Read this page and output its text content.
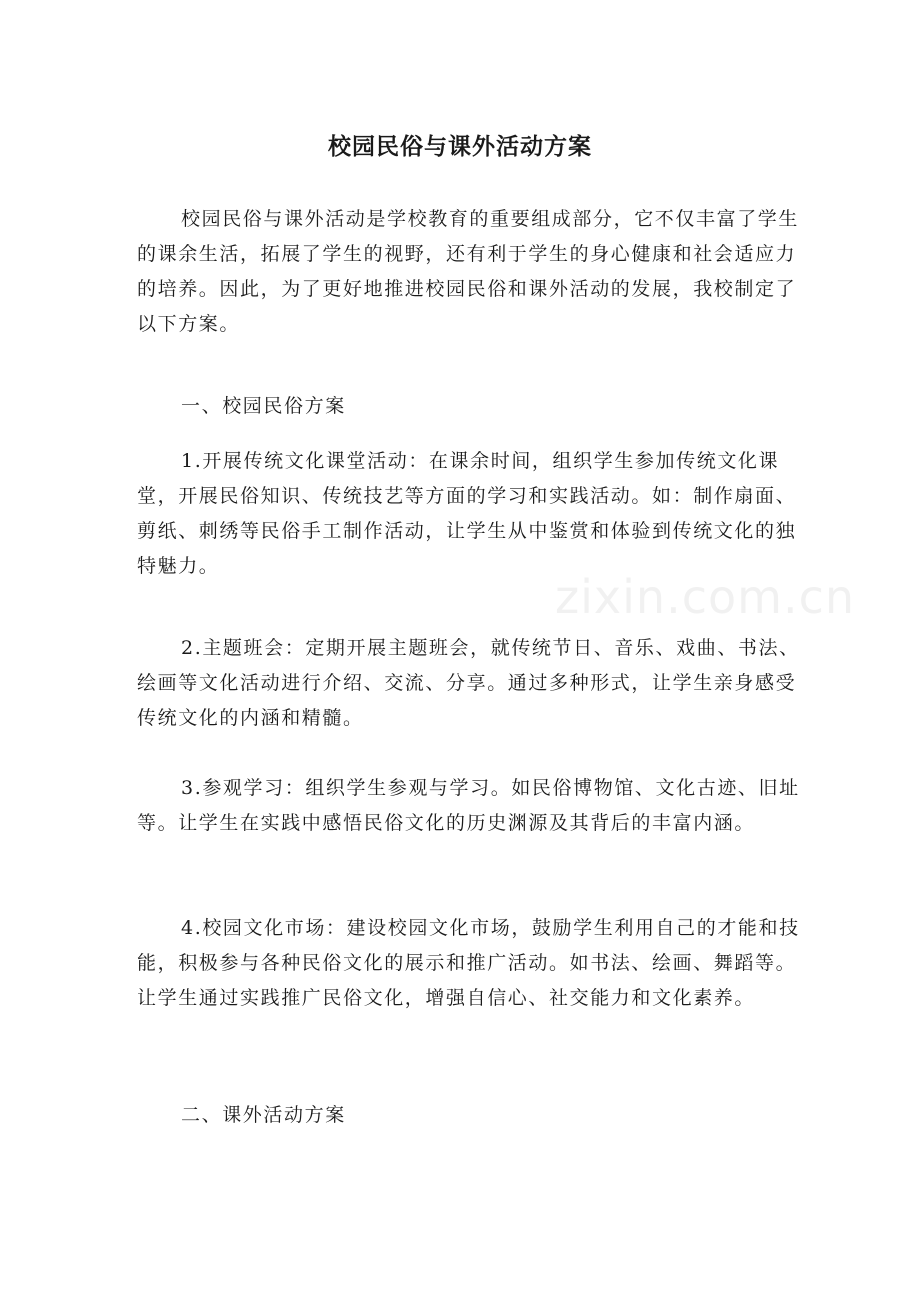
zixin.com.cn
校园民俗与课外活动方案

校园民俗与课外活动是学校教育的重要组成部分，它不仅丰富了学生的课余生活，拓展了学生的视野，还有利于学生的身心健康和社会适应力的培养。因此，为了更好地推进校园民俗和课外活动的发展，我校制定了以下方案。

一、校园民俗方案

1.开展传统文化课堂活动：在课余时间，组织学生参加传统文化课堂，开展民俗知识、传统技艺等方面的学习和实践活动。如：制作扇面、剪纸、刺绣等民俗手工制作活动，让学生从中鉴赏和体验到传统文化的独特魅力。

2.主题班会：定期开展主题班会，就传统节日、音乐、戏曲、书法、绘画等文化活动进行介绍、交流、分享。通过多种形式，让学生亲身感受传统文化的内涵和精髓。

3.参观学习：组织学生参观与学习。如民俗博物馆、文化古迹、旧址等。让学生在实践中感悟民俗文化的历史渊源及其背后的丰富内涵。

4.校园文化市场：建设校园文化市场，鼓励学生利用自己的才能和技能，积极参与各种民俗文化的展示和推广活动。如书法、绘画、舞蹈等。让学生通过实践推广民俗文化，增强自信心、社交能力和文化素养。

二、课外活动方案
